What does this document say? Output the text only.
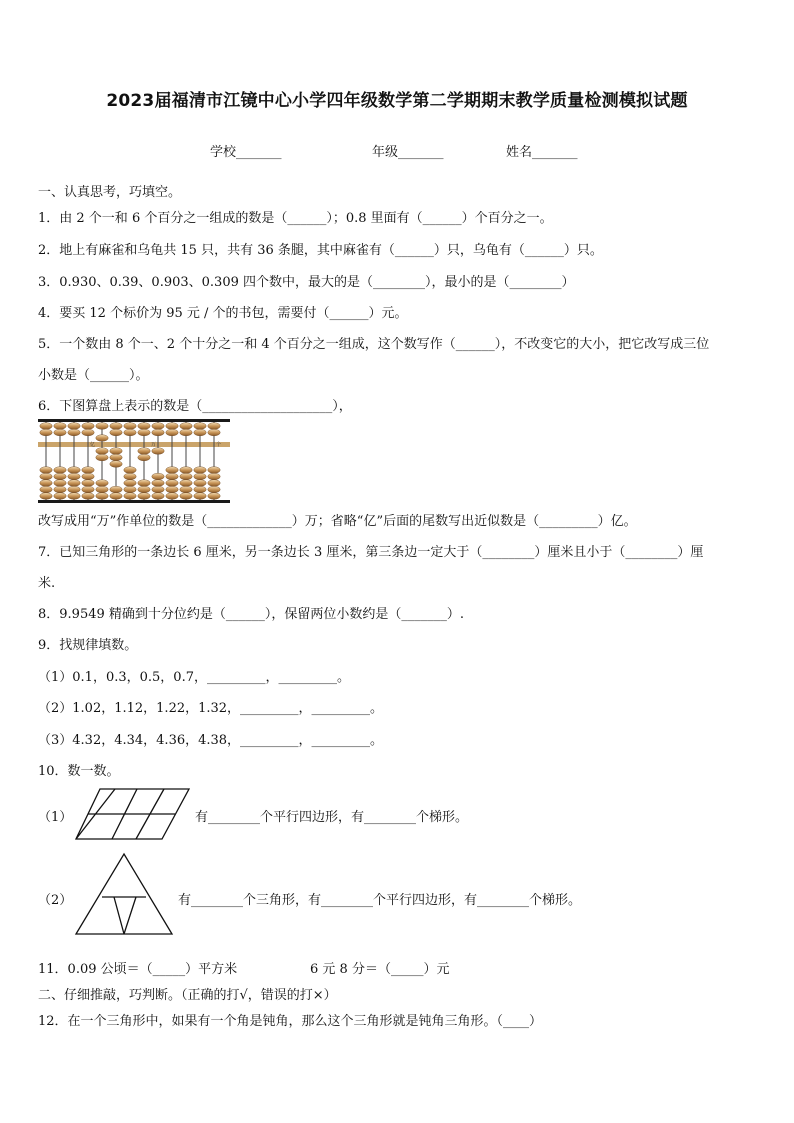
2023届福清市江镜中心小学四年级数学第二学期期末教学质量检测模拟试题
学校_______	年级_______	姓名_______
一、认真思考，巧填空。
1．由 2 个一和 6 个百分之一组成的数是（______）；0.8 里面有（______）个百分之一。
2．地上有麻雀和乌龟共 15 只，共有 36 条腿，其中麻雀有（______）只，乌龟有（______）只。
3．0.930、0.39、0.903、0.309 四个数中，最大的是（________），最小的是（________）
4．要买 12 个标价为 95 元 / 个的书包，需要付（______）元。
5．一个数由 8 个一、2 个十分之一和 4 个百分之一组成，这个数写作（______），不改变它的大小，把它改写成三位
小数是（______）。
6．下图算盘上表示的数是（____________________），
亿	万	个
改写成用“万”作单位的数是（_____________）万；省略“亿”后面的尾数写出近似数是（_________）亿。
7．已知三角形的一条边长 6 厘米，另一条边长 3 厘米，第三条边一定大于（________）厘米且小于（________）厘
米.
8．9.9549 精确到十分位约是（______），保留两位小数约是（_______）.
9．找规律填数。
（1）0.1，0.3，0.5，0.7，_________，_________。
（2）1.02，1.12，1.22，1.32，_________，_________。
（3）4.32，4.34，4.36，4.38，_________，_________。
10．数一数。
（1）	有________个平行四边形，有________个梯形。
（2）	有________个三角形，有________个平行四边形，有________个梯形。
11．0.09 公顷＝（_____）平方米	6 元 8 分＝（_____）元
二、仔细推敲，巧判断。（正确的打√，错误的打×）
12．在一个三角形中，如果有一个角是钝角，那么这个三角形就是钝角三角形。（____）
